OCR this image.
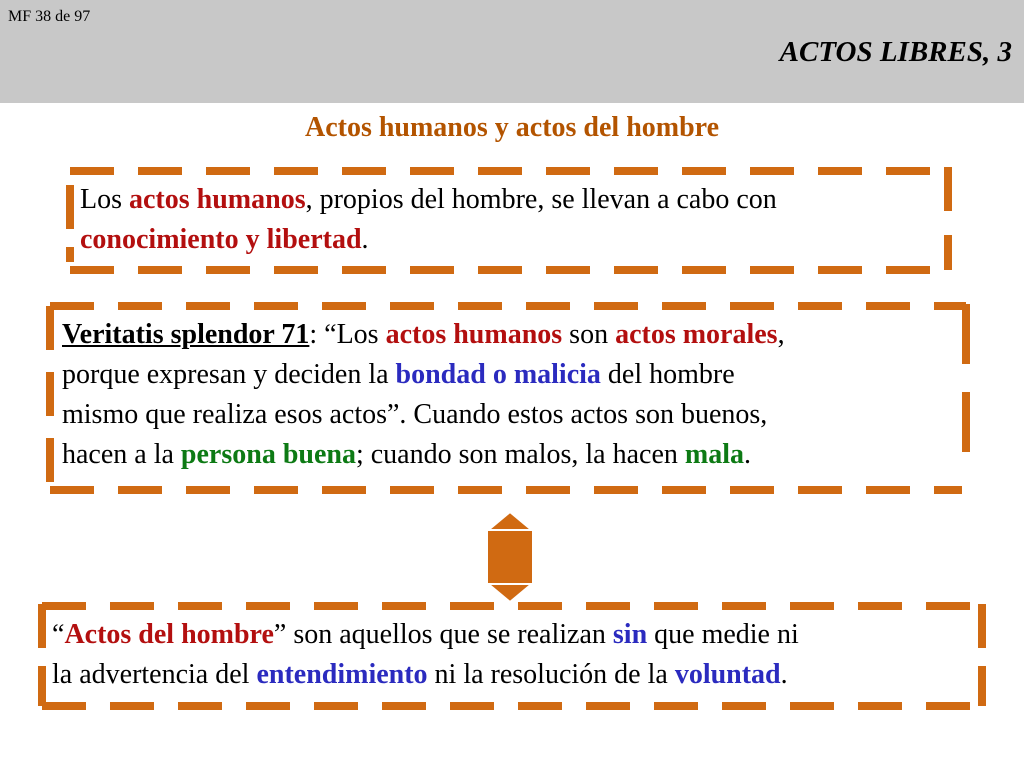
MF 38 de 97
ACTOS LIBRES, 3
Actos humanos y actos del hombre
Los actos humanos, propios del hombre, se llevan a cabo con
conocimiento y libertad.
Veritatis splendor 71: “Los actos humanos son actos morales,
porque expresan y deciden la bondad o malicia del hombre
mismo que realiza esos actos”. Cuando estos actos son buenos,
hacen a la persona buena; cuando son malos, la hacen mala.
“Actos del hombre” son aquellos que se realizan sin que medie ni
la advertencia del entendimiento ni la resolución de la voluntad.
